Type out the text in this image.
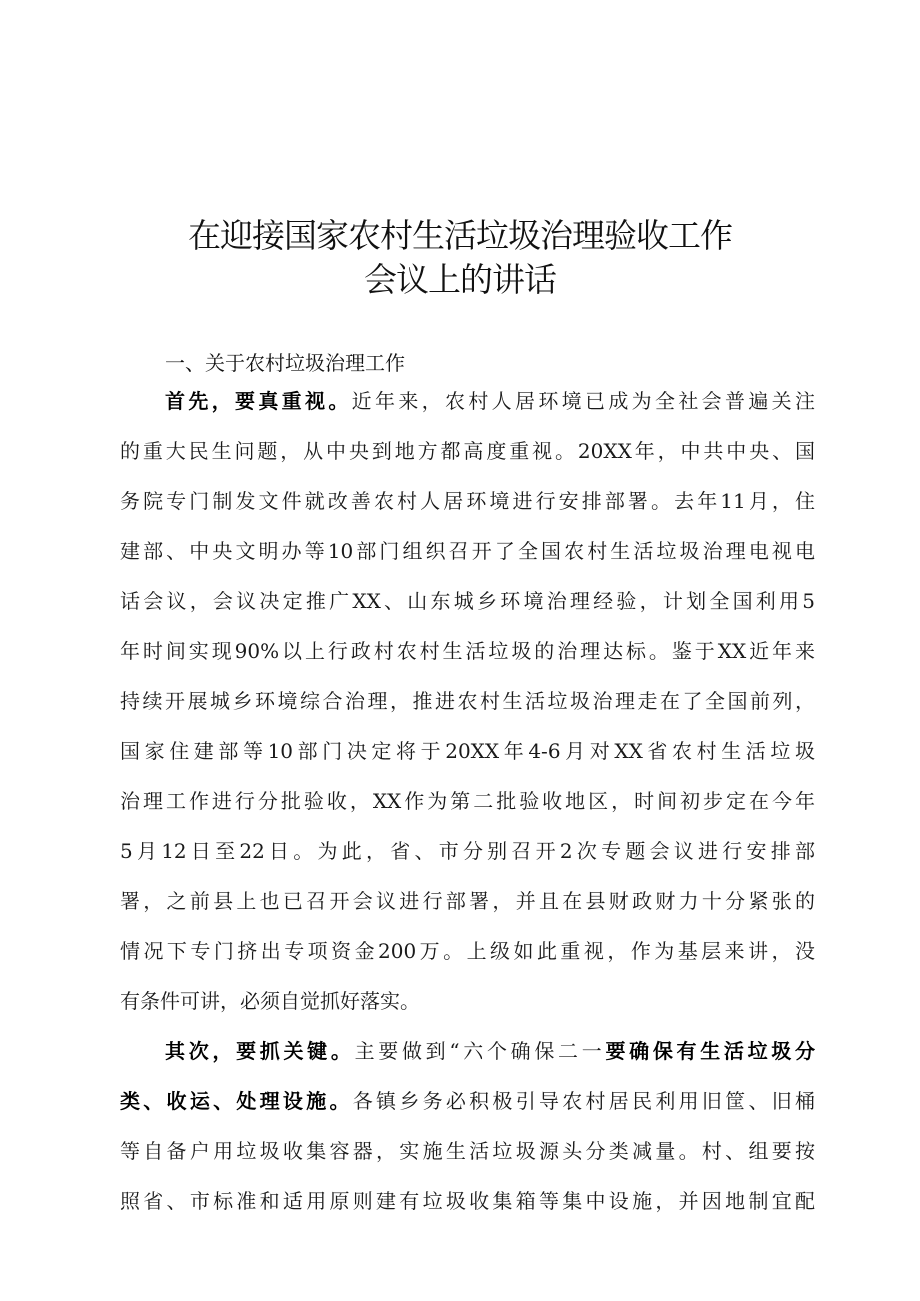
在迎接国家农村生活垃圾治理验收工作
会议上的讲话
一、关于农村垃圾治理工作
首先，要真重视。近年来，农村人居环境已成为全社会普遍关注
的重大民生问题，从中央到地方都高度重视。20XX年，中共中央、国
务院专门制发文件就改善农村人居环境进行安排部署。去年11月，住
建部、中央文明办等10部门组织召开了全国农村生活垃圾治理电视电
话会议，会议决定推广XX、山东城乡环境治理经验，计划全国利用5
年时间实现90%以上行政村农村生活垃圾的治理达标。鉴于XX近年来
持续开展城乡环境综合治理，推进农村生活垃圾治理走在了全国前列，
国家住建部等10部门决定将于20XX年4-6月对XX省农村生活垃圾
治理工作进行分批验收，XX作为第二批验收地区，时间初步定在今年
5月12日至22日。为此，省、市分别召开2次专题会议进行安排部
署，之前县上也已召开会议进行部署，并且在县财政财力十分紧张的
情况下专门挤出专项资金200万。上级如此重视，作为基层来讲，没
有条件可讲，必须自觉抓好落实。
其次，要抓关键。主要做到“六个确保二一要确保有生活垃圾分
类、收运、处理设施。各镇乡务必积极引导农村居民利用旧筐、旧桶
等自备户用垃圾收集容器，实施生活垃圾源头分类减量。村、组要按
照省、市标准和适用原则建有垃圾收集箱等集中设施，并因地制宜配
